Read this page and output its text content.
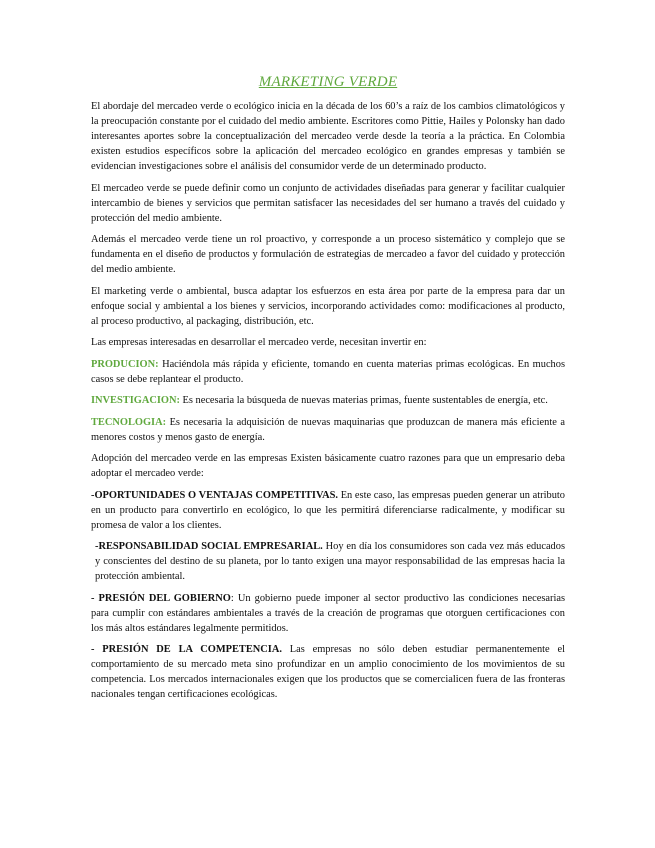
MARKETING VERDE

El abordaje del mercadeo verde o ecológico inicia en la década de los 60’s a raíz de los cambios climatológicos y la preocupación constante por el cuidado del medio ambiente. Escritores como Pittie, Hailes y Polonsky han dado interesantes aportes sobre la conceptualización del mercadeo verde desde la teoría a la práctica. En Colombia existen estudios específicos sobre la aplicación del mercadeo ecológico en grandes empresas y también se evidencian investigaciones sobre el análisis del consumidor verde de un determinado producto.

El mercadeo verde se puede definir como un conjunto de actividades diseñadas para generar y facilitar cualquier intercambio de bienes y servicios que permitan satisfacer las necesidades del ser humano a través del cuidado y protección del medio ambiente.

Además el mercadeo verde tiene un rol proactivo, y corresponde a un proceso sistemático y complejo que se fundamenta en el diseño de productos y formulación de estrategias de mercadeo a favor del cuidado y protección del medio ambiente.

El marketing verde o ambiental, busca adaptar los esfuerzos en esta área por parte de la empresa para dar un enfoque social y ambiental a los bienes y servicios, incorporando actividades como: modificaciones al producto, al proceso productivo, al packaging, distribución, etc.

Las empresas interesadas en desarrollar el mercadeo verde, necesitan invertir en:

PRODUCION: Haciéndola más rápida y eficiente, tomando en cuenta materias primas ecológicas. En muchos casos se debe replantear el producto.

INVESTIGACION: Es necesaria la búsqueda de nuevas materias primas, fuente sustentables de energía, etc.

TECNOLOGIA: Es necesaria la adquisición de nuevas maquinarias que produzcan de manera más eficiente a menores costos y menos gasto de energía.

Adopción del mercadeo verde en las empresas Existen básicamente cuatro razones para que un empresario deba adoptar el mercadeo verde:

-OPORTUNIDADES O VENTAJAS COMPETITIVAS. En este caso, las empresas pueden generar un atributo en un producto para convertirlo en ecológico, lo que les permitirá diferenciarse radicalmente, y modificar su promesa de valor a los clientes.

-RESPONSABILIDAD SOCIAL EMPRESARIAL. Hoy en día los consumidores son cada vez más educados y conscientes del destino de su planeta, por lo tanto exigen una mayor responsabilidad de las empresas hacia la protección ambiental.

- PRESIÓN DEL GOBIERNO: Un gobierno puede imponer al sector productivo las condiciones necesarias para cumplir con estándares ambientales a través de la creación de programas que otorguen certificaciones con los más altos estándares legalmente permitidos.

- PRESIÓN DE LA COMPETENCIA. Las empresas no sólo deben estudiar permanentemente el comportamiento de su mercado meta sino profundizar en un amplio conocimiento de los movimientos de su competencia. Los mercados internacionales exigen que los productos que se comercialicen fuera de las fronteras nacionales tengan certificaciones ecológicas.
